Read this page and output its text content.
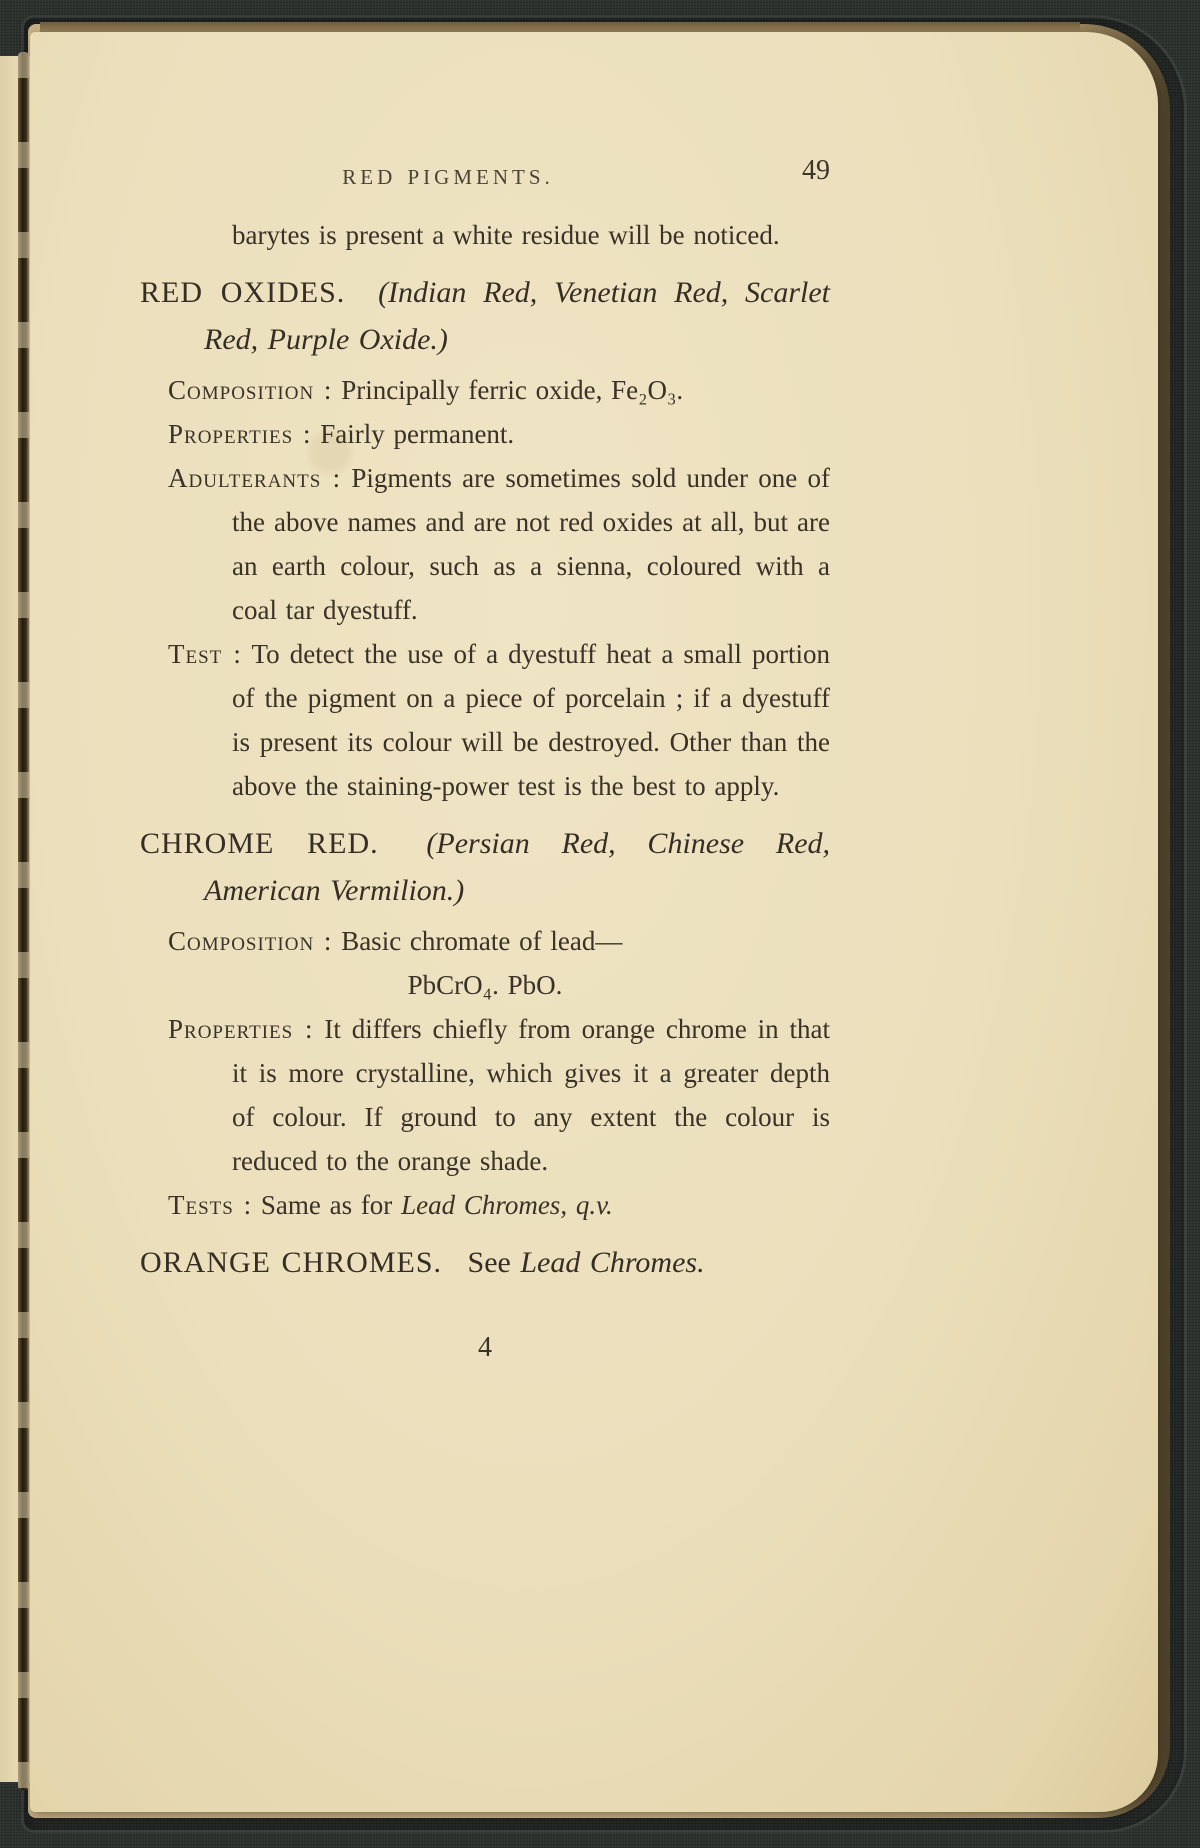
RED PIGMENTS.	49

barytes is present a white residue will be noticed.

RED OXIDES. (Indian Red, Venetian Red, Scarlet Red, Purple Oxide.)

Composition : Principally ferric oxide, Fe₂O₃.

Properties : Fairly permanent.

Adulterants : Pigments are sometimes sold under one of the above names and are not red oxides at all, but are an earth colour, such as a sienna, coloured with a coal tar dyestuff.

Test : To detect the use of a dyestuff heat a small portion of the pigment on a piece of porcelain ; if a dyestuff is present its colour will be destroyed. Other than the above the staining-power test is the best to apply.

CHROME RED. (Persian Red, Chinese Red, American Vermilion.)

Composition : Basic chromate of lead—

PbCrO₄. PbO.

Properties : It differs chiefly from orange chrome in that it is more crystalline, which gives it a greater depth of colour. If ground to any extent the colour is reduced to the orange shade.

Tests : Same as for Lead Chromes, q.v.

ORANGE CHROMES. See Lead Chromes.

4
